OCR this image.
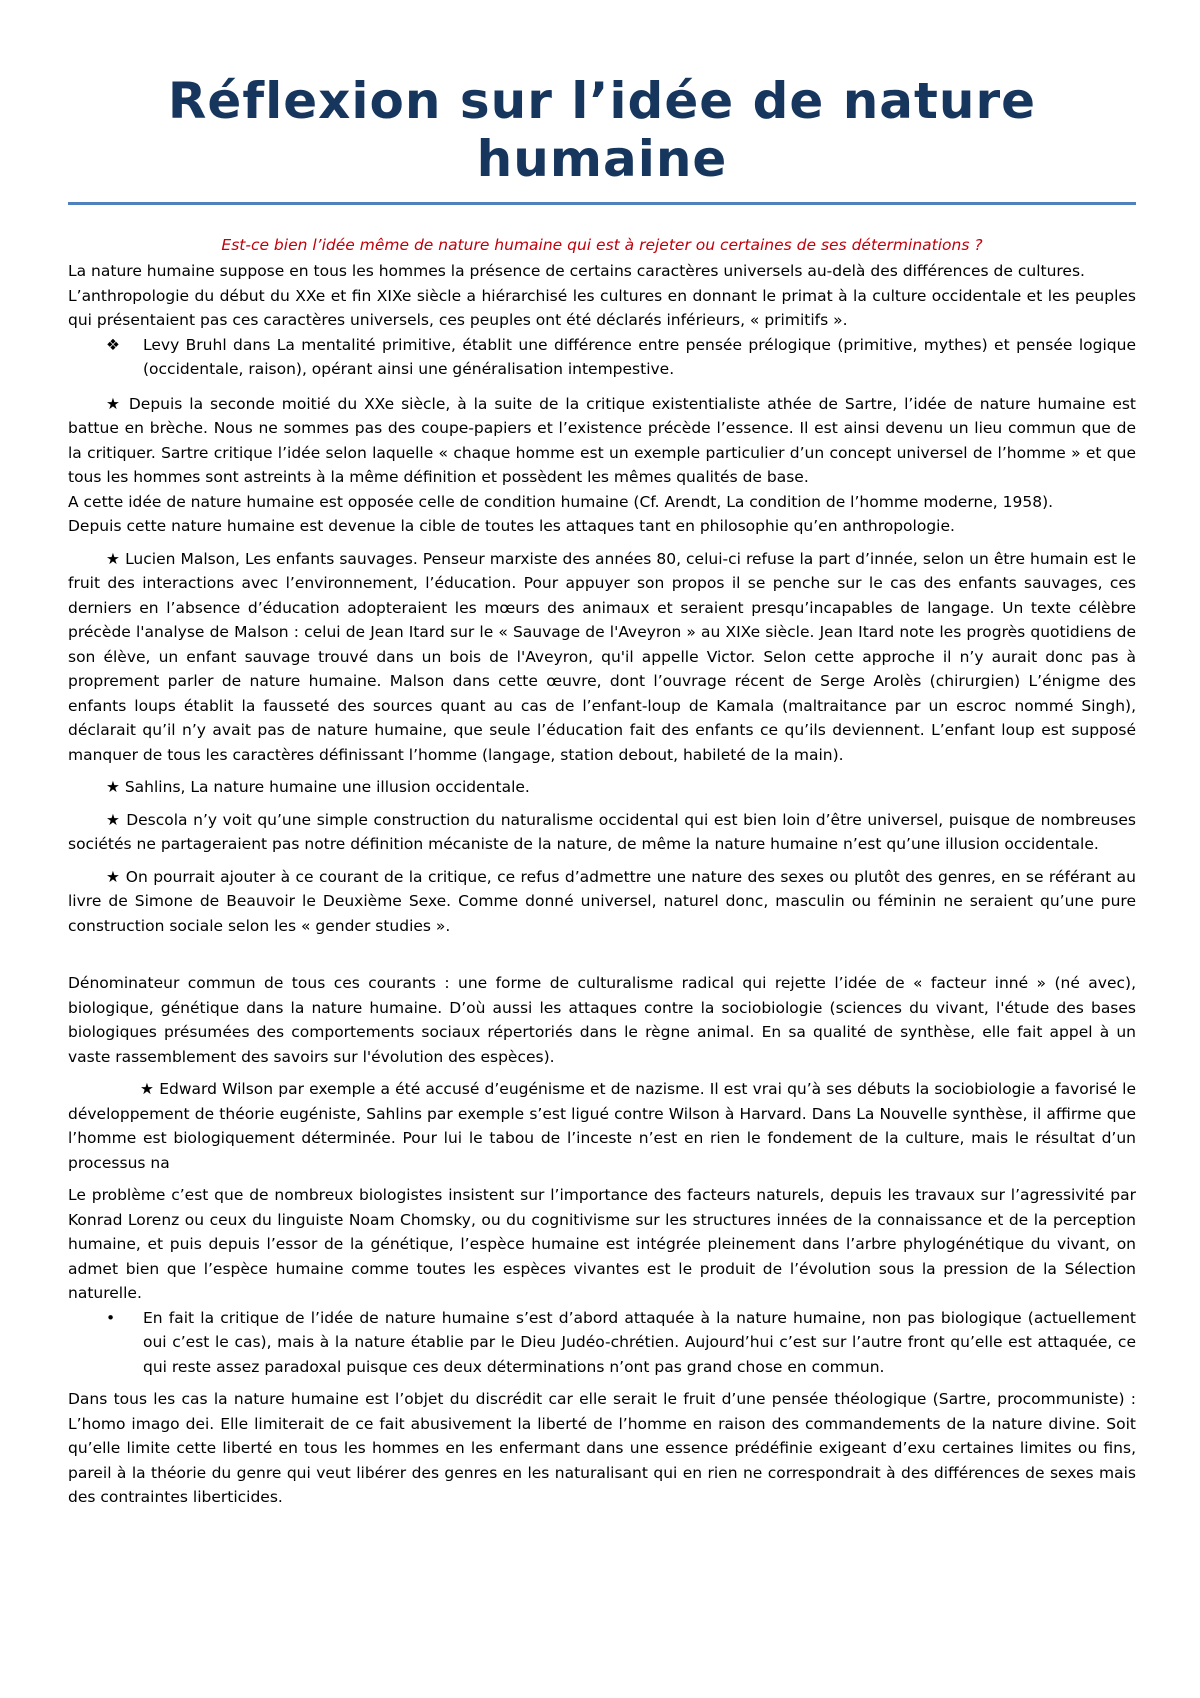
Réflexion sur l’idée de nature
humaine

Est-ce bien l’idée même de nature humaine qui est à rejeter ou certaines de ses déterminations ?

La nature humaine suppose en tous les hommes la présence de certains caractères universels au-delà des différences de cultures.

L’anthropologie du début du XXe et fin XIXe siècle a hiérarchisé les cultures en donnant le primat à la culture occidentale et les peuples qui présentaient pas ces caractères universels, ces peuples ont été déclarés inférieurs, « primitifs ».

❖	Levy Bruhl dans La mentalité primitive, établit une différence entre pensée prélogique (primitive, mythes) et pensée logique (occidentale, raison), opérant ainsi une généralisation intempestive.

★ Depuis la seconde moitié du XXe siècle, à la suite de la critique existentialiste athée de Sartre, l’idée de nature humaine est battue en brèche. Nous ne sommes pas des coupe-papiers et l’existence précède l’essence. Il est ainsi devenu un lieu commun que de la critiquer. Sartre critique l’idée selon laquelle « chaque homme est un exemple particulier d’un concept universel de l’homme » et que tous les hommes sont astreints à la même définition et possèdent les mêmes qualités de base.

A cette idée de nature humaine est opposée celle de condition humaine (Cf. Arendt, La condition de l’homme moderne, 1958).

Depuis cette nature humaine est devenue la cible de toutes les attaques tant en philosophie qu’en anthropologie.

★ Lucien Malson, Les enfants sauvages. Penseur marxiste des années 80, celui-ci refuse la part d’innée, selon un être humain est le fruit des interactions avec l’environnement, l’éducation. Pour appuyer son propos il se penche sur le cas des enfants sauvages, ces derniers en l’absence d’éducation adopteraient les mœurs des animaux et seraient presqu’incapables de langage. Un texte célèbre précède l'analyse de Malson : celui de Jean Itard sur le « Sauvage de l'Aveyron » au XIXe siècle. Jean Itard note les progrès quotidiens de son élève, un enfant sauvage trouvé dans un bois de l'Aveyron, qu'il appelle Victor. Selon cette approche il n’y aurait donc pas à proprement parler de nature humaine. Malson dans cette œuvre, dont l’ouvrage récent de Serge Arolès (chirurgien) L’énigme des enfants loups établit la fausseté des sources quant au cas de l’enfant-loup de Kamala (maltraitance par un escroc nommé Singh), déclarait qu’il n’y avait pas de nature humaine, que seule l’éducation fait des enfants ce qu’ils deviennent. L’enfant loup est supposé manquer de tous les caractères définissant l’homme (langage, station debout, habileté de la main).

★ Sahlins, La nature humaine une illusion occidentale.

★ Descola n’y voit qu’une simple construction du naturalisme occidental qui est bien loin d’être universel, puisque de nombreuses sociétés ne partageraient pas notre définition mécaniste de la nature, de même la nature humaine n’est qu’une illusion occidentale.

★ On pourrait ajouter à ce courant de la critique, ce refus d’admettre une nature des sexes ou plutôt des genres, en se référant au livre de Simone de Beauvoir le Deuxième Sexe. Comme donné universel, naturel donc, masculin ou féminin ne seraient qu’une pure construction sociale selon les « gender studies ».

Dénominateur commun de tous ces courants : une forme de culturalisme radical qui rejette l’idée de « facteur inné » (né avec), biologique, génétique dans la nature humaine. D’où aussi les attaques contre la sociobiologie (sciences du vivant, l'étude des bases biologiques présumées des comportements sociaux répertoriés dans le règne animal. En sa qualité de synthèse, elle fait appel à un vaste rassemblement des savoirs sur l'évolution des espèces).

★ Edward Wilson par exemple a été accusé d’eugénisme et de nazisme. Il est vrai qu’à ses débuts la sociobiologie a favorisé le développement de théorie eugéniste, Sahlins par exemple s’est ligué contre Wilson à Harvard. Dans La Nouvelle synthèse, il affirme que l’homme est biologiquement déterminée. Pour lui le tabou de l’inceste n’est en rien le fondement de la culture, mais le résultat d’un processus na

Le problème c’est que de nombreux biologistes insistent sur l’importance des facteurs naturels, depuis les travaux sur l’agressivité par Konrad Lorenz ou ceux du linguiste Noam Chomsky, ou du cognitivisme sur les structures innées de la connaissance et de la perception humaine, et puis depuis l’essor de la génétique, l’espèce humaine est intégrée pleinement dans l’arbre phylogénétique du vivant, on admet bien que l’espèce humaine comme toutes les espèces vivantes est le produit de l’évolution sous la pression de la Sélection naturelle.

•	En fait la critique de l’idée de nature humaine s’est d’abord attaquée à la nature humaine, non pas biologique (actuellement oui c’est le cas), mais à la nature établie par le Dieu Judéo-chrétien. Aujourd’hui c’est sur l’autre front qu’elle est attaquée, ce qui reste assez paradoxal puisque ces deux déterminations n’ont pas grand chose en commun.

Dans tous les cas la nature humaine est l’objet du discrédit car elle serait le fruit d’une pensée théologique (Sartre, procommuniste) : L’homo imago dei. Elle limiterait de ce fait abusivement la liberté de l’homme en raison des commandements de la nature divine. Soit qu’elle limite cette liberté en tous les hommes en les enfermant dans une essence prédéfinie exigeant d’exu certaines limites ou fins, pareil à la théorie du genre qui veut libérer des genres en les naturalisant qui en rien ne correspondrait à des différences de sexes mais des contraintes liberticides.
